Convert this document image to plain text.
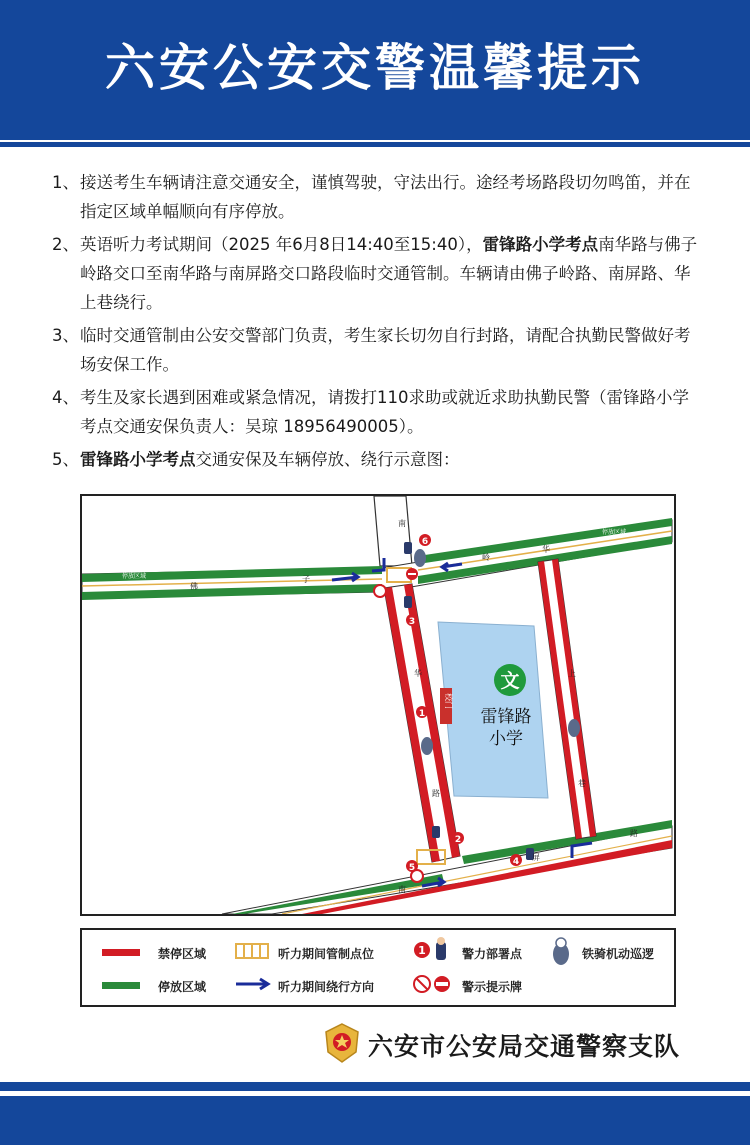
六安公安交警温馨提示
1、 接送考生车辆请注意交通安全，谨慎驾驶，守法出行。途经考场路段切勿鸣笛，并在指定区域单幅顺向有序停放。
2、 英语听力考试期间（2025 年6月8日14:40至15:40），雷锋路小学考点南华路与佛子岭路交口至南华路与南屏路交口路段临时交通管制。车辆请由佛子岭路、南屏路、华上巷绕行。
3、 临时交通管制由公安交警部门负责，考生家长切勿自行封路，请配合执勤民警做好考场安保工作。
4、 考生及家长遇到困难或紧急情况，请拨打110求助或就近求助执勤民警（雷锋路小学考点交通安保负责人：吴琼 18956490005）。
5、 雷锋路小学考点交通安保及车辆停放、绕行示意图：
文
雷锋路
小学
校门
6
3
1
2
5
4
南
子
佛
华
岭
华
路
上
巷
屏
路
南
停放区域
停放区域
禁停区域
停放区域
听力期间管制点位
听力期间绕行方向
1	警力部署点
警示提示牌
铁骑机动巡逻
六安市公安局交通警察支队
